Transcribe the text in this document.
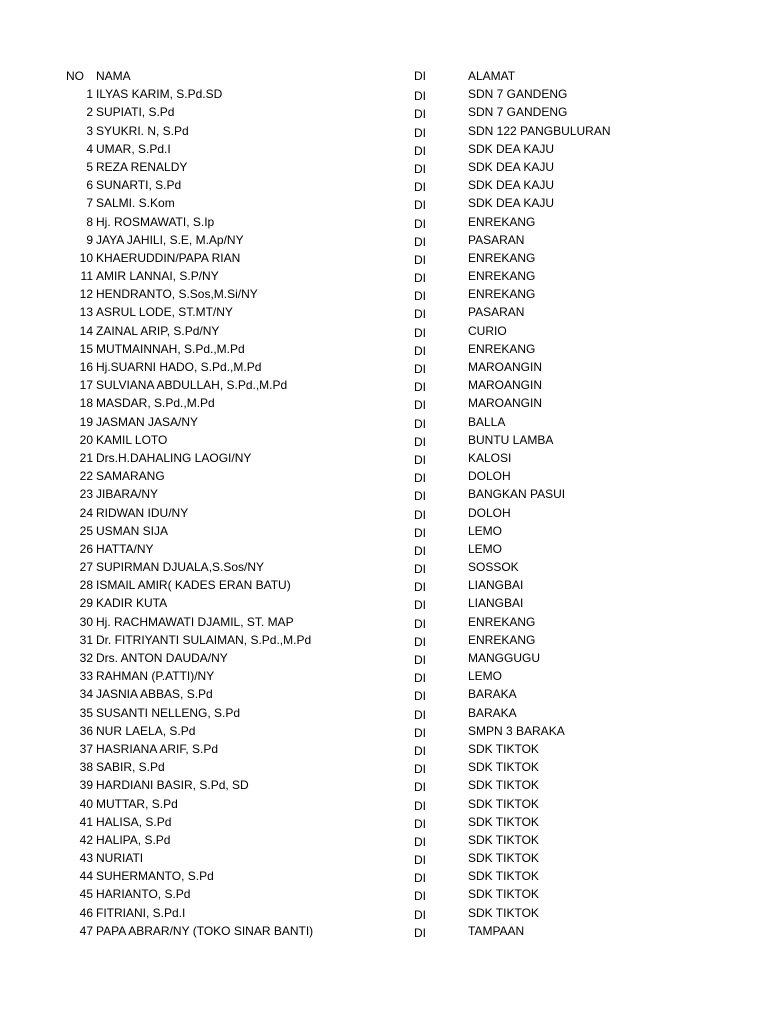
NO NAMA	DI	ALAMAT
1 ILYAS KARIM, S.Pd.SD	DI	SDN 7 GANDENG
2 SUPIATI, S.Pd	DI	SDN 7 GANDENG
3 SYUKRI. N, S.Pd	DI	SDN 122 PANGBULURAN
4 UMAR, S.Pd.I	DI	SDK DEA KAJU
5 REZA RENALDY	DI	SDK DEA KAJU
6 SUNARTI, S.Pd	DI	SDK DEA KAJU
7 SALMI. S.Kom	DI	SDK DEA KAJU
8 Hj. ROSMAWATI, S.Ip	DI	ENREKANG
9 JAYA JAHILI, S.E, M.Ap/NY	DI	PASARAN
10 KHAERUDDIN/PAPA RIAN	DI	ENREKANG
11 AMIR LANNAI, S.P/NY	DI	ENREKANG
12 HENDRANTO, S.Sos,M.Si/NY	DI	ENREKANG
13 ASRUL LODE, ST.MT/NY	DI	PASARAN
14 ZAINAL ARIP, S.Pd/NY	DI	CURIO
15 MUTMAINNAH, S.Pd.,M.Pd	DI	ENREKANG
16 Hj.SUARNI HADO, S.Pd.,M.Pd	DI	MAROANGIN
17 SULVIANA ABDULLAH, S.Pd.,M.Pd	DI	MAROANGIN
18 MASDAR, S.Pd.,M.Pd	DI	MAROANGIN
19 JASMAN JASA/NY	DI	BALLA
20 KAMIL LOTO	DI	BUNTU LAMBA
21 Drs.H.DAHALING LAOGI/NY	DI	KALOSI
22 SAMARANG	DI	DOLOH
23 JIBARA/NY	DI	BANGKAN PASUI
24 RIDWAN IDU/NY	DI	DOLOH
25 USMAN SIJA	DI	LEMO
26 HATTA/NY	DI	LEMO
27 SUPIRMAN DJUALA,S.Sos/NY	DI	SOSSOK
28 ISMAIL AMIR( KADES ERAN BATU)	DI	LIANGBAI
29 KADIR KUTA	DI	LIANGBAI
30 Hj. RACHMAWATI DJAMIL, ST. MAP	DI	ENREKANG
31 Dr. FITRIYANTI SULAIMAN, S.Pd.,M.Pd	DI	ENREKANG
32 Drs. ANTON DAUDA/NY	DI	MANGGUGU
33 RAHMAN (P.ATTI)/NY	DI	LEMO
34 JASNIA ABBAS, S.Pd	DI	BARAKA
35 SUSANTI NELLENG, S.Pd	DI	BARAKA
36 NUR LAELA, S.Pd	DI	SMPN 3 BARAKA
37 HASRIANA ARIF, S.Pd	DI	SDK TIKTOK
38 SABIR, S.Pd	DI	SDK TIKTOK
39 HARDIANI BASIR, S.Pd, SD	DI	SDK TIKTOK
40 MUTTAR, S.Pd	DI	SDK TIKTOK
41 HALISA, S.Pd	DI	SDK TIKTOK
42 HALIPA, S.Pd	DI	SDK TIKTOK
43 NURIATI	DI	SDK TIKTOK
44 SUHERMANTO, S.Pd	DI	SDK TIKTOK
45 HARIANTO, S.Pd	DI	SDK TIKTOK
46 FITRIANI, S.Pd.I	DI	SDK TIKTOK
47 PAPA ABRAR/NY (TOKO SINAR BANTI)	DI	TAMPAAN
